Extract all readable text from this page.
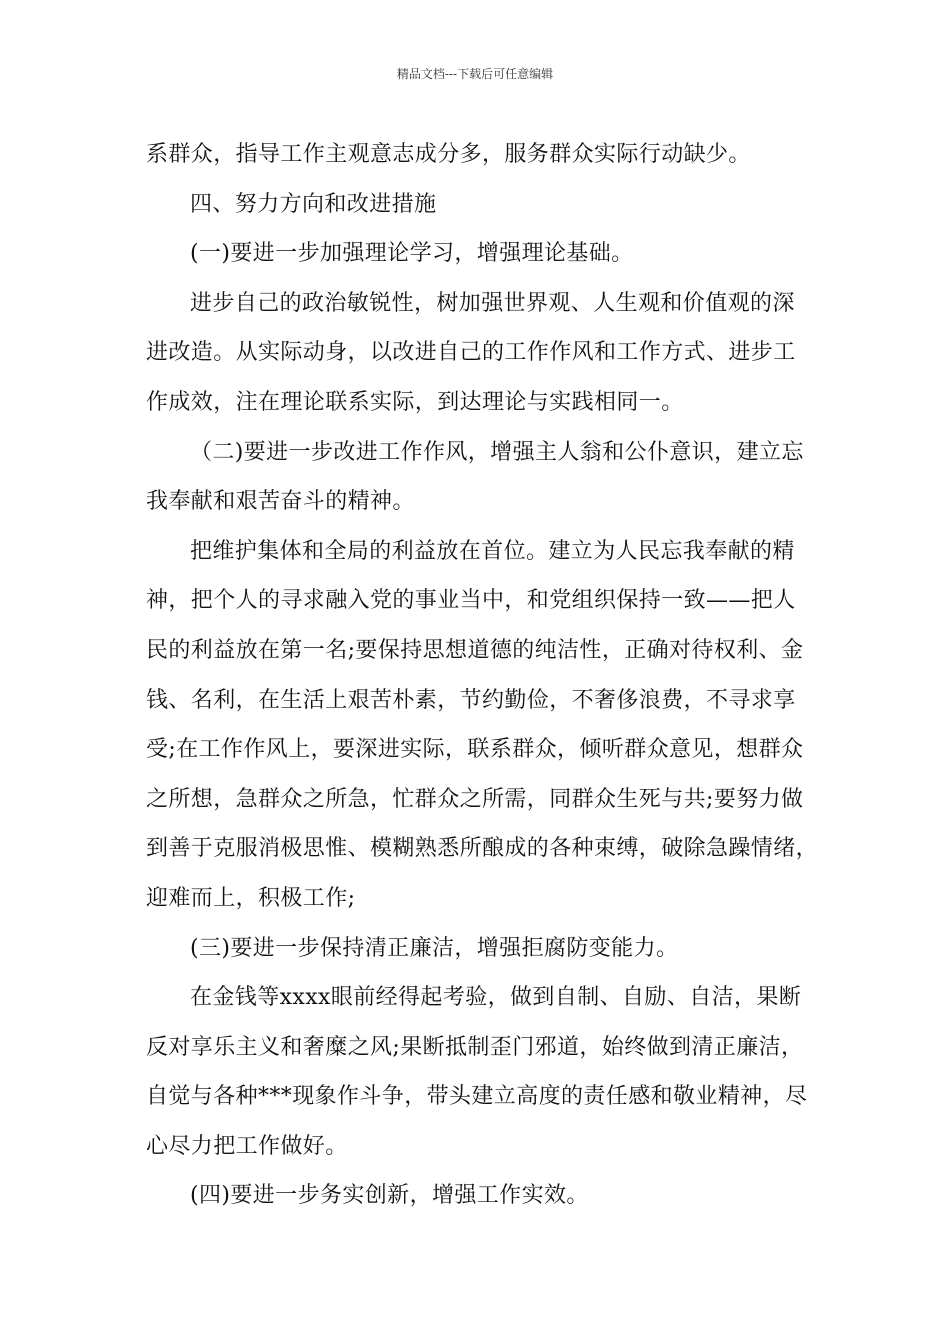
精品文档---下载后可任意编辑
系群众，指导工作主观意志成分多，服务群众实际行动缺少。
四、努力方向和改进措施
(一)要进一步加强理论学习，增强理论基础。
进步自己的政治敏锐性，树加强世界观、人生观和价值观的深
进改造。从实际动身，以改进自己的工作作风和工作方式、进步工
作成效，注在理论联系实际，到达理论与实践相同一。
（二)要进一步改进工作作风，增强主人翁和公仆意识，建立忘
我奉献和艰苦奋斗的精神。
把维护集体和全局的利益放在首位。建立为人民忘我奉献的精
神，把个人的寻求融入党的事业当中，和党组织保持一致——把人
民的利益放在第一名;要保持思想道德的纯洁性，正确对待权利、金
钱、名利，在生活上艰苦朴素，节约勤俭，不奢侈浪费，不寻求享
受;在工作作风上，要深进实际，联系群众，倾听群众意见，想群众
之所想，急群众之所急，忙群众之所需，同群众生死与共;要努力做
到善于克服消极思惟、模糊熟悉所酿成的各种束缚，破除急躁情绪，
迎难而上，积极工作;
(三)要进一步保持清正廉洁，增强拒腐防变能力。
在金钱等xxxx眼前经得起考验，做到自制、自励、自洁，果断
反对享乐主义和奢糜之风;果断抵制歪门邪道，始终做到清正廉洁，
自觉与各种***现象作斗争，带头建立高度的责任感和敬业精神，尽
心尽力把工作做好。
(四)要进一步务实创新，增强工作实效。
